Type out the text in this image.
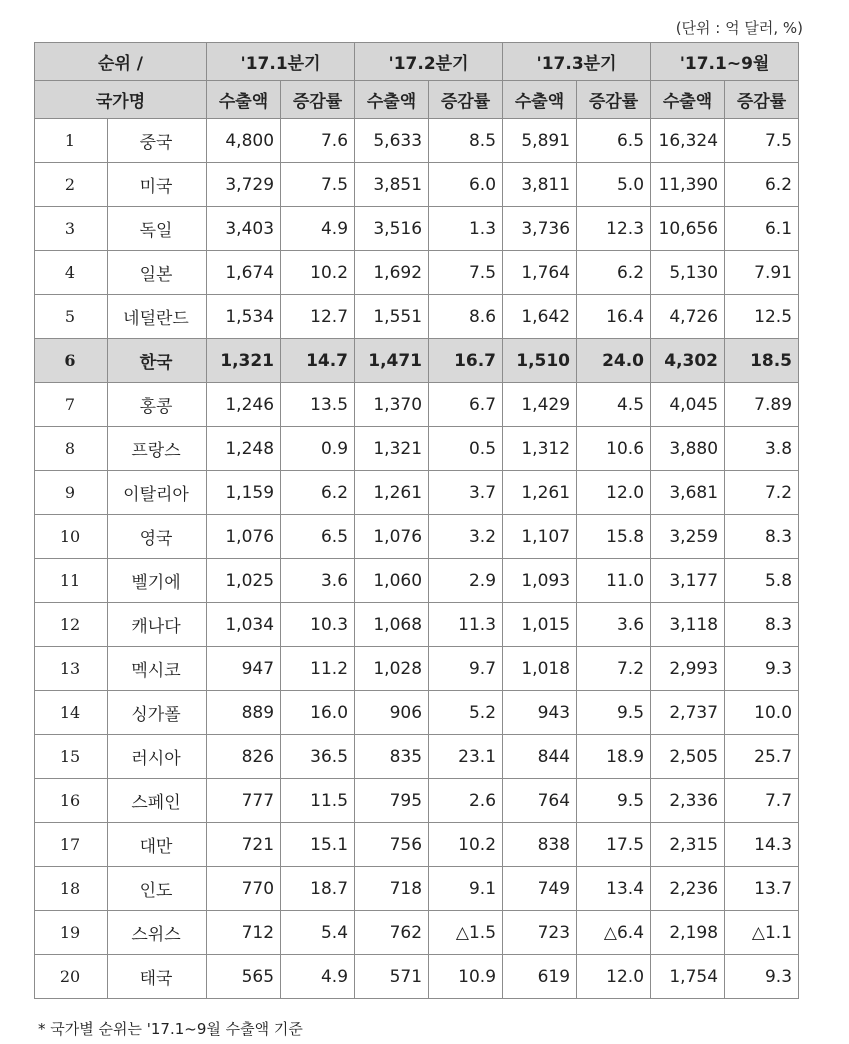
(단위 : 억 달러, %)
순위 /		'17.1분기		'17.2분기		'17.3분기		'17.1~9월	
국가명		수출액	증감률	수출액	증감률	수출액	증감률	수출액	증감률
1	중국	4,800	7.6	5,633	8.5	5,891	6.5	16,324	7.5
2	미국	3,729	7.5	3,851	6.0	3,811	5.0	11,390	6.2
3	독일	3,403	4.9	3,516	1.3	3,736	12.3	10,656	6.1
4	일본	1,674	10.2	1,692	7.5	1,764	6.2	5,130	7.91
5	네덜란드	1,534	12.7	1,551	8.6	1,642	16.4	4,726	12.5
6	한국	1,321	14.7	1,471	16.7	1,510	24.0	4,302	18.5
7	홍콩	1,246	13.5	1,370	6.7	1,429	4.5	4,045	7.89
8	프랑스	1,248	0.9	1,321	0.5	1,312	10.6	3,880	3.8
9	이탈리아	1,159	6.2	1,261	3.7	1,261	12.0	3,681	7.2
10	영국	1,076	6.5	1,076	3.2	1,107	15.8	3,259	8.3
11	벨기에	1,025	3.6	1,060	2.9	1,093	11.0	3,177	5.8
12	캐나다	1,034	10.3	1,068	11.3	1,015	3.6	3,118	8.3
13	멕시코	947	11.2	1,028	9.7	1,018	7.2	2,993	9.3
14	싱가폴	889	16.0	906	5.2	943	9.5	2,737	10.0
15	러시아	826	36.5	835	23.1	844	18.9	2,505	25.7
16	스페인	777	11.5	795	2.6	764	9.5	2,336	7.7
17	대만	721	15.1	756	10.2	838	17.5	2,315	14.3
18	인도	770	18.7	718	9.1	749	13.4	2,236	13.7
19	스위스	712	5.4	762	△1.5	723	△6.4	2,198	△1.1
20	태국	565	4.9	571	10.9	619	12.0	1,754	9.3
* 국가별 순위는 '17.1~9월 수출액 기준
